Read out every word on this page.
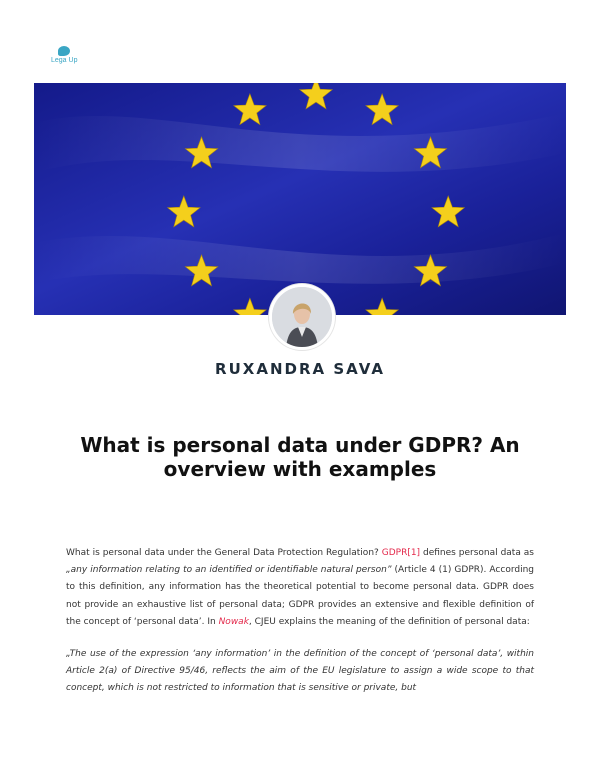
Lega Up
RUXANDRA SAVA
What is personal data under GDPR? An overview with examples

What is personal data under the General Data Protection Regulation? GDPR[1] defines personal data as „any information relating to an identified or identifiable natural person” (Article 4 (1) GDPR). According to this definition, any information has the theoretical potential to become personal data. GDPR does not provide an exhaustive list of personal data; GDPR provides an extensive and flexible definition of the concept of ‘personal data’. In Nowak, CJEU explains the meaning of the definition of personal data:

„The use of the expression ‘any information’ in the definition of the concept of ‘personal data’, within Article 2(a) of Directive 95/46, reflects the aim of the EU legislature to assign a wide scope to that concept, which is not restricted to information that is sensitive or private, but
